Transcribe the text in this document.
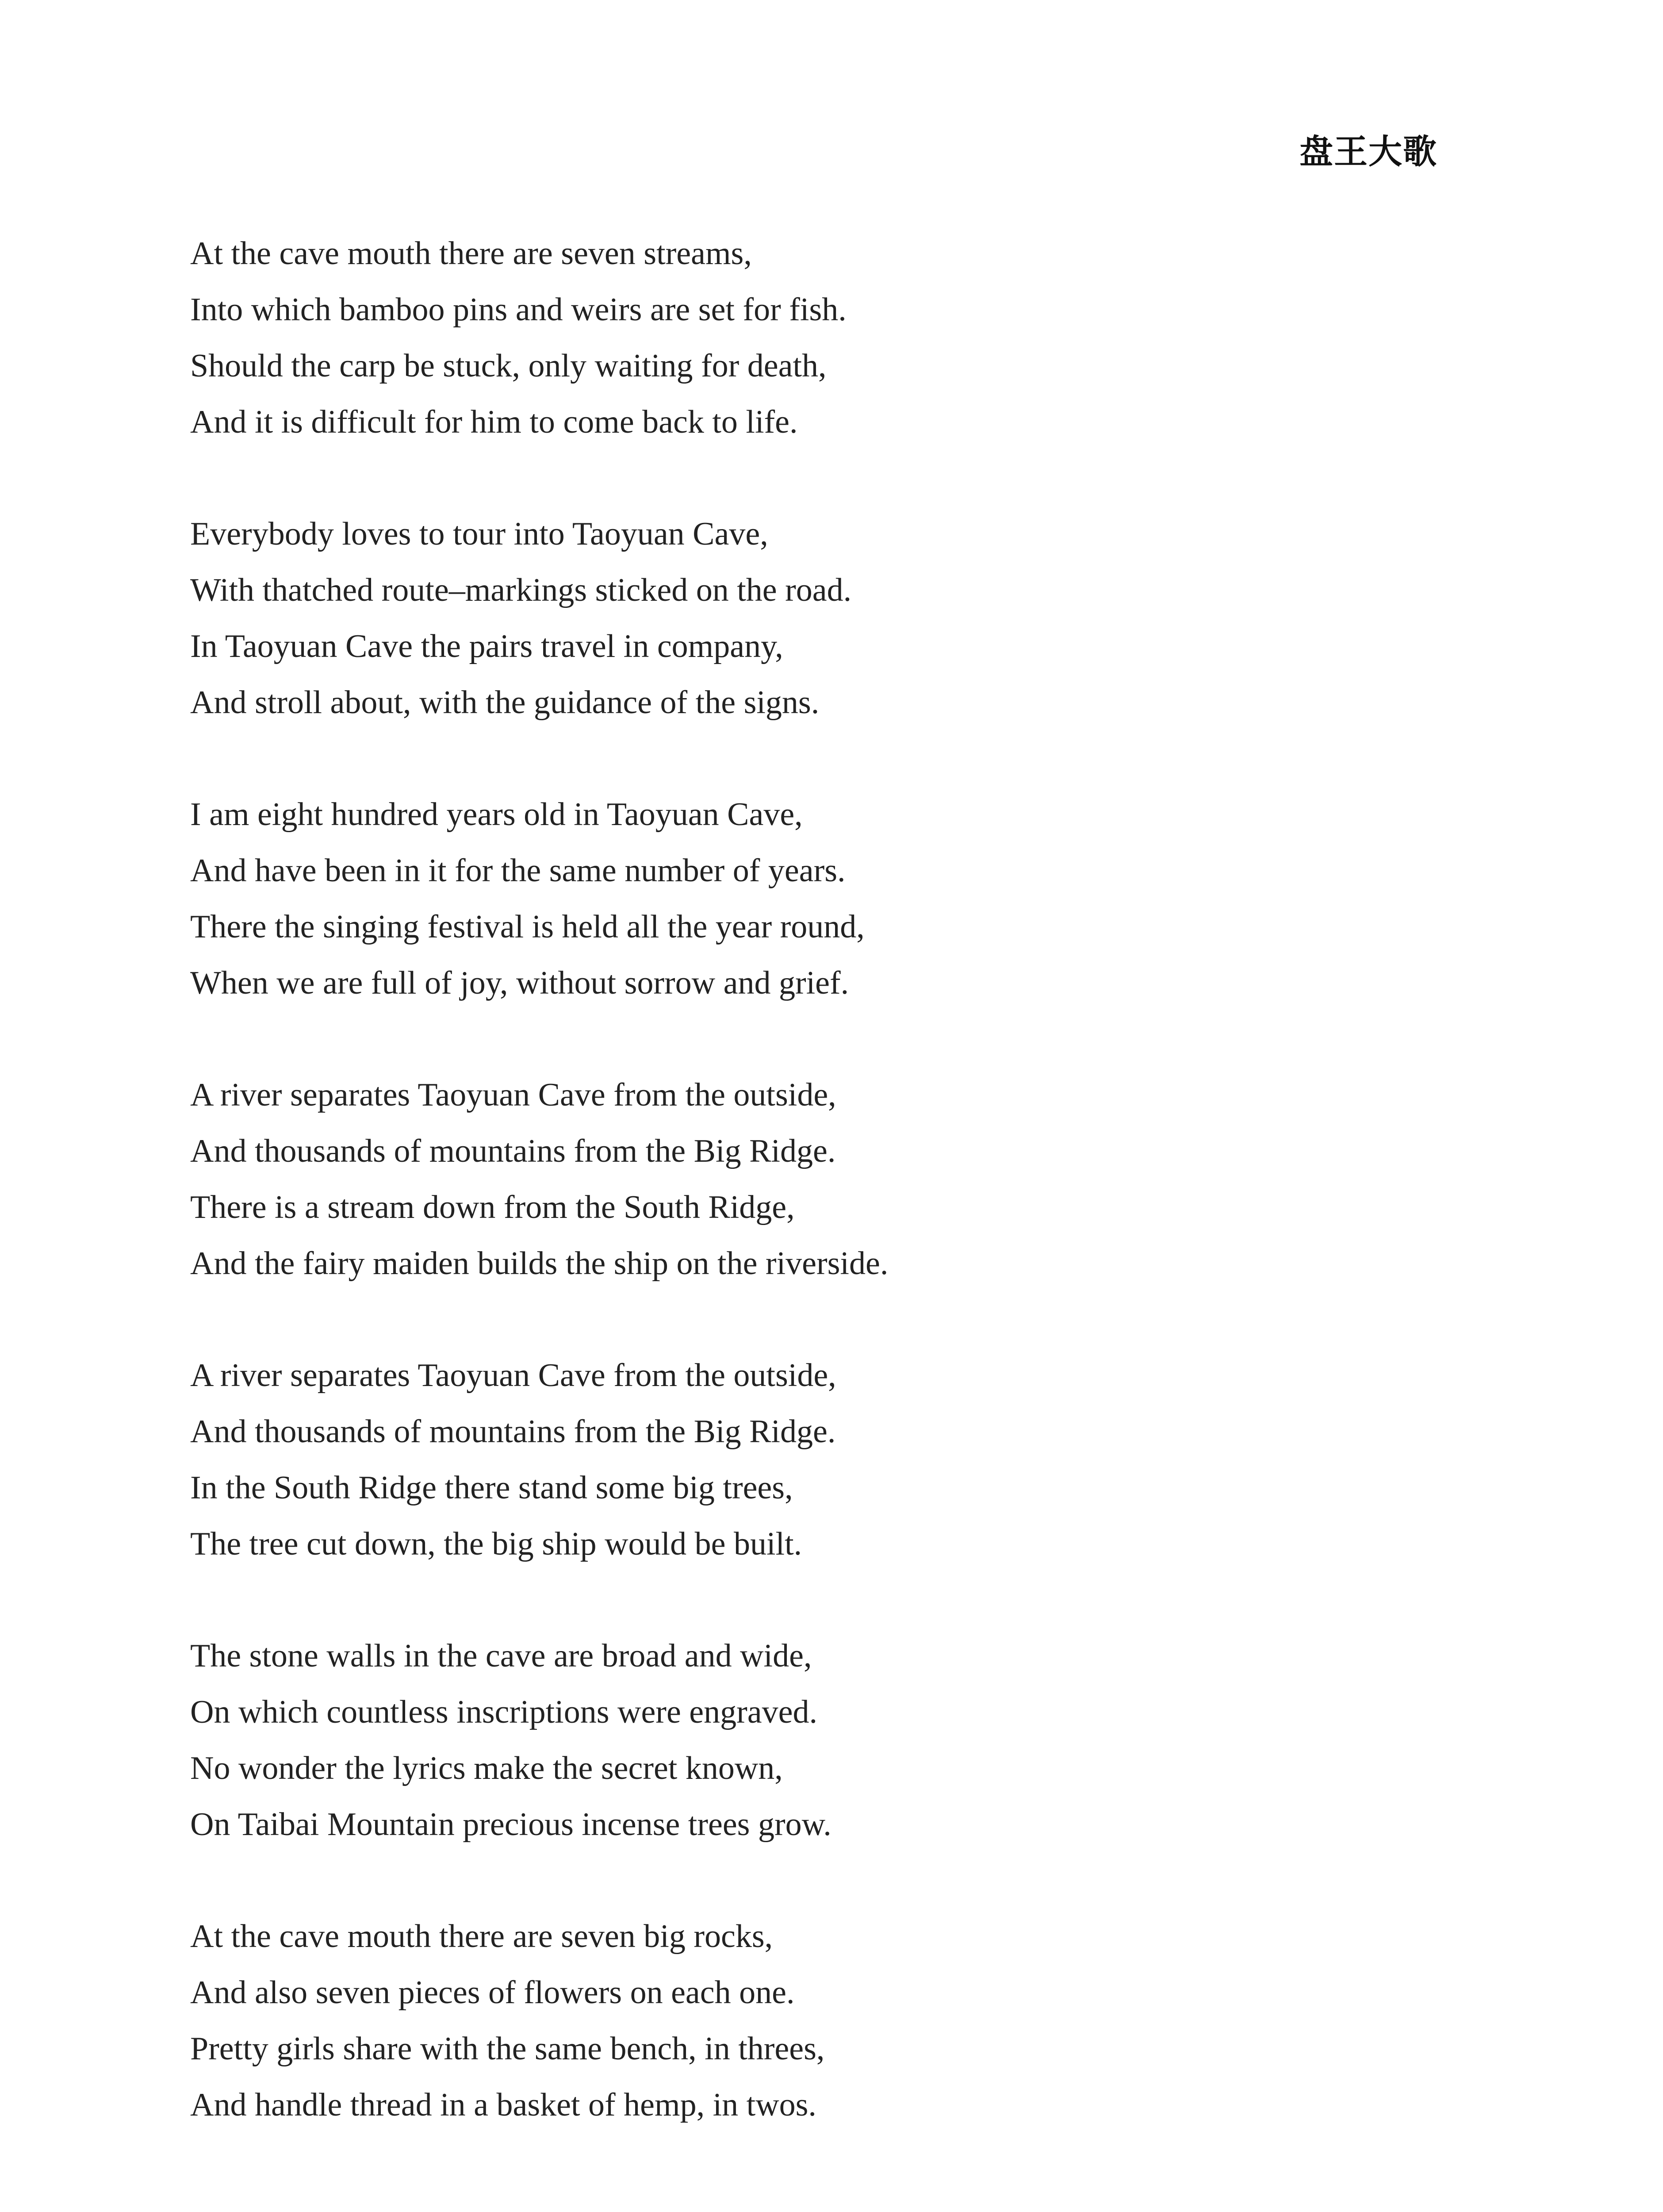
盘王大歌
At the cave mouth there are seven streams,
Into which bamboo pins and weirs are set for fish.
Should the carp be stuck, only waiting for death,
And it is difficult for him to come back to life.
Everybody loves to tour into Taoyuan Cave,
With thatched route–markings sticked on the road.
In Taoyuan Cave the pairs travel in company,
And stroll about, with the guidance of the signs.
I am eight hundred years old in Taoyuan Cave,
And have been in it for the same number of years.
There the singing festival is held all the year round,
When we are full of joy, without sorrow and grief.
A river separates Taoyuan Cave from the outside,
And thousands of mountains from the Big Ridge.
There is a stream down from the South Ridge,
And the fairy maiden builds the ship on the riverside.
A river separates Taoyuan Cave from the outside,
And thousands of mountains from the Big Ridge.
In the South Ridge there stand some big trees,
The tree cut down, the big ship would be built.
The stone walls in the cave are broad and wide,
On which countless inscriptions were engraved.
No wonder the lyrics make the secret known,
On Taibai Mountain precious incense trees grow.
At the cave mouth there are seven big rocks,
And also seven pieces of flowers on each one.
Pretty girls share with the same bench, in threes,
And handle thread in a basket of hemp, in twos.
